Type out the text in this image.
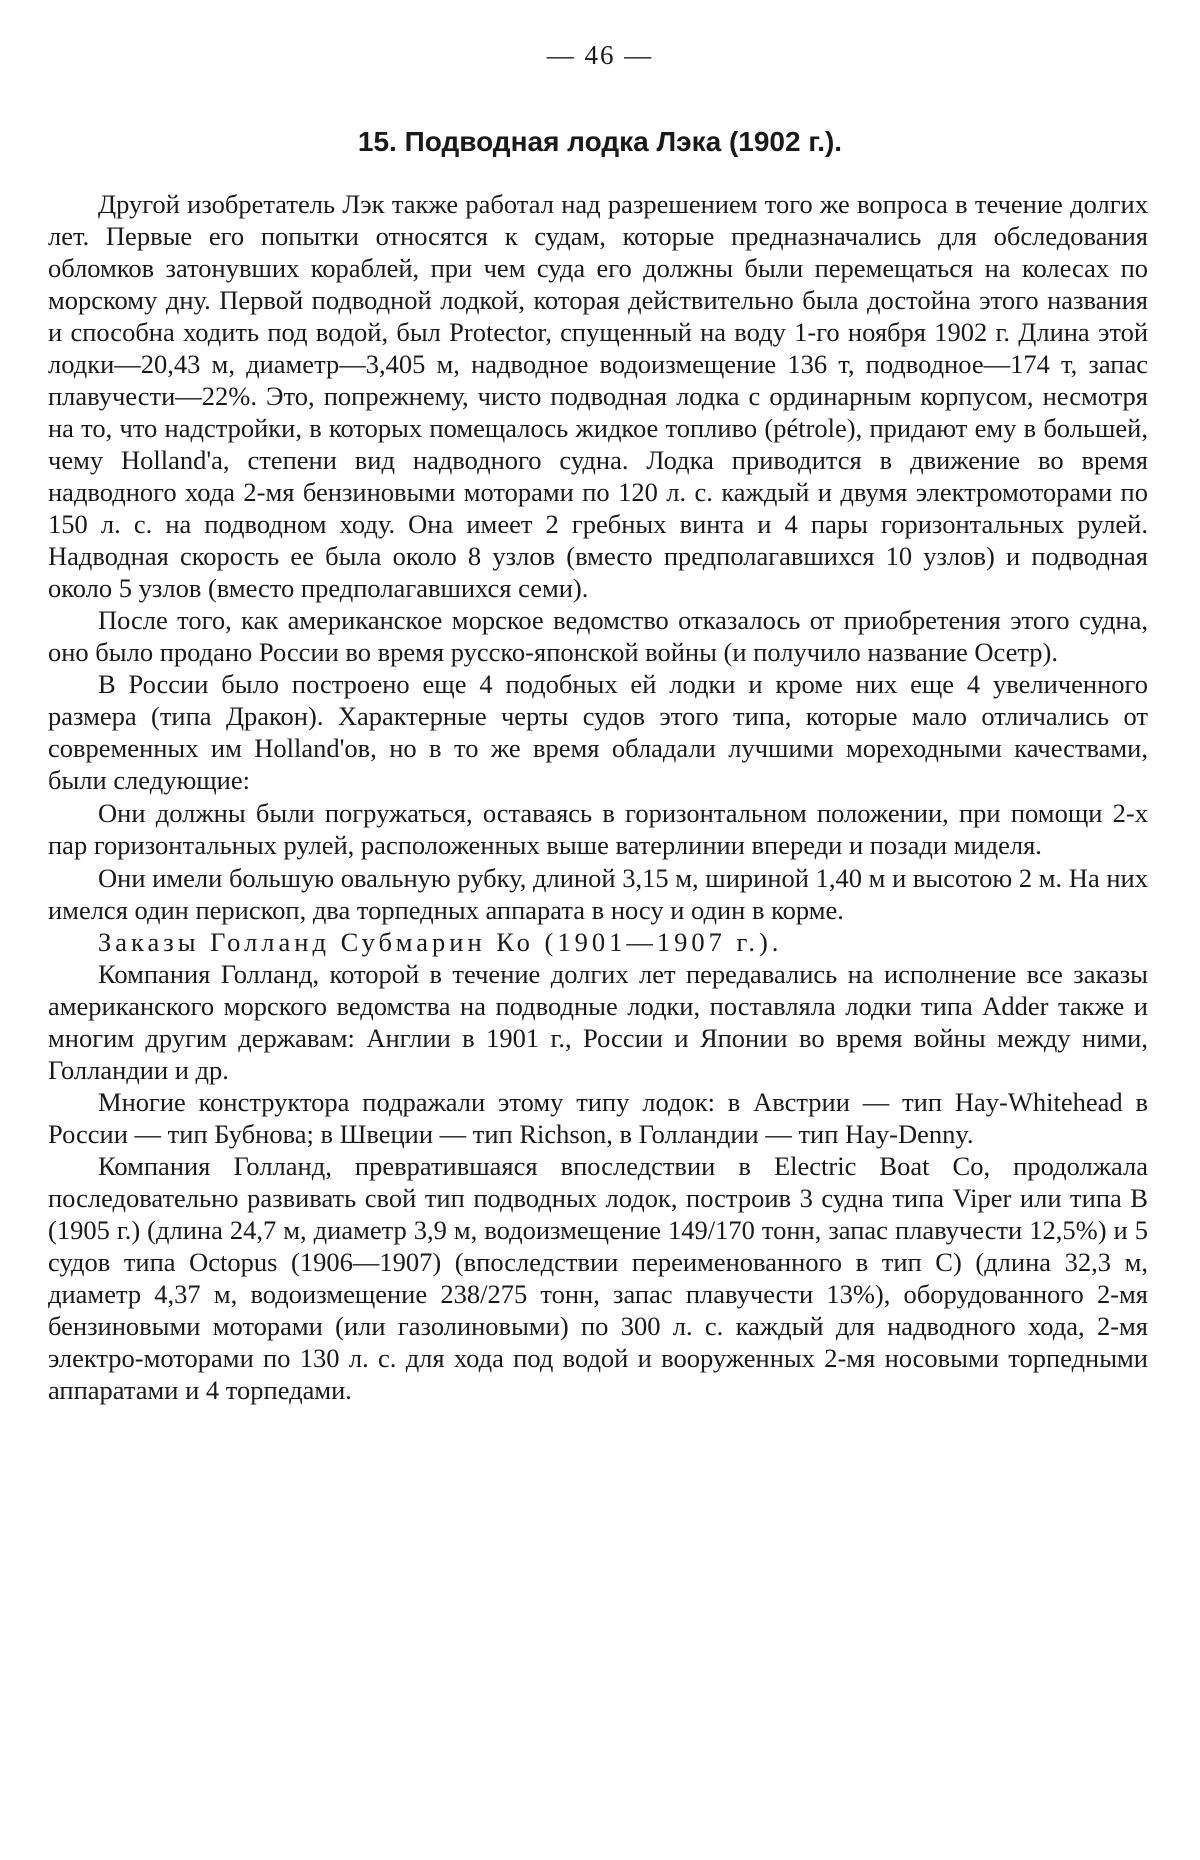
— 46 —
15. Подводная лодка Лэка (1902 г.).

Другой изобретатель Лэк также работал над разрешением того же вопроса в течение долгих лет. Первые его попытки относятся к судам, которые предназначались для обследования обломков затонувших кораблей, при чем суда его должны были перемещаться на колесах по морскому дну. Первой подводной лодкой, которая действительно была достойна этого названия и способна ходить под водой, был Protector, спущенный на воду 1-го ноября 1902 г. Длина этой лодки—20,43 м, диаметр—3,405 м, надводное водоизмещение 136 т, подводное—174 т, запас плавучести—22%. Это, попрежнему, чисто подводная лодка с ординарным корпусом, несмотря на то, что надстройки, в которых помещалось жидкое топливо (pétrole), придают ему в большей, чему Holland'а, степени вид надводного судна. Лодка приводится в движение во время надводного хода 2-мя бензиновыми моторами по 120 л. с. каждый и двумя электромоторами по 150 л. с. на подводном ходу. Она имеет 2 гребных винта и 4 пары горизонтальных рулей. Надводная скорость ее была около 8 узлов (вместо предполагавшихся 10 узлов) и подводная около 5 узлов (вместо предполагавшихся семи).

После того, как американское морское ведомство отказалось от приобретения этого судна, оно было продано России во время русско-японской войны (и получило название Осетр).

В России было построено еще 4 подобных ей лодки и кроме них еще 4 увеличенного размера (типа Дракон). Характерные черты судов этого типа, которые мало отличались от современных им Holland'ов, но в то же время обладали лучшими мореходными качествами, были следующие:

Они должны были погружаться, оставаясь в горизонтальном положении, при помощи 2-х пар горизонтальных рулей, расположенных выше ватерлинии впереди и позади миделя.

Они имели большую овальную рубку, длиной 3,15 м, шириной 1,40 м и высотою 2 м. На них имелся один перископ, два торпедных аппарата в носу и один в корме.

Заказы Голланд Субмарин Ко (1901—1907 г.).

Компания Голланд, которой в течение долгих лет передавались на исполнение все заказы американского морского ведомства на подводные лодки, поставляла лодки типа Adder также и многим другим державам: Англии в 1901 г., России и Японии во время войны между ними, Голландии и др.

Многие конструктора подражали этому типу лодок: в Австрии — тип Hay-Whitehead в России — тип Бубнова; в Швеции — тип Richson, в Голландии — тип Hay-Denny.

Компания Голланд, превратившаяся впоследствии в Electric Boat Co, продолжала последовательно развивать свой тип подводных лодок, построив 3 судна типа Viper или типа B (1905 г.) (длина 24,7 м, диаметр 3,9 м, водоизмещение 149/170 тонн, запас плавучести 12,5%) и 5 судов типа Octopus (1906—1907) (впоследствии переименованного в тип C) (длина 32,3 м, диаметр 4,37 м, водоизмещение 238/275 тонн, запас плавучести 13%), оборудованного 2-мя бензиновыми моторами (или газолиновыми) по 300 л. с. каждый для надводного хода, 2-мя электро-моторами по 130 л. с. для хода под водой и вооруженных 2-мя носовыми торпедными аппаратами и 4 торпедами.
